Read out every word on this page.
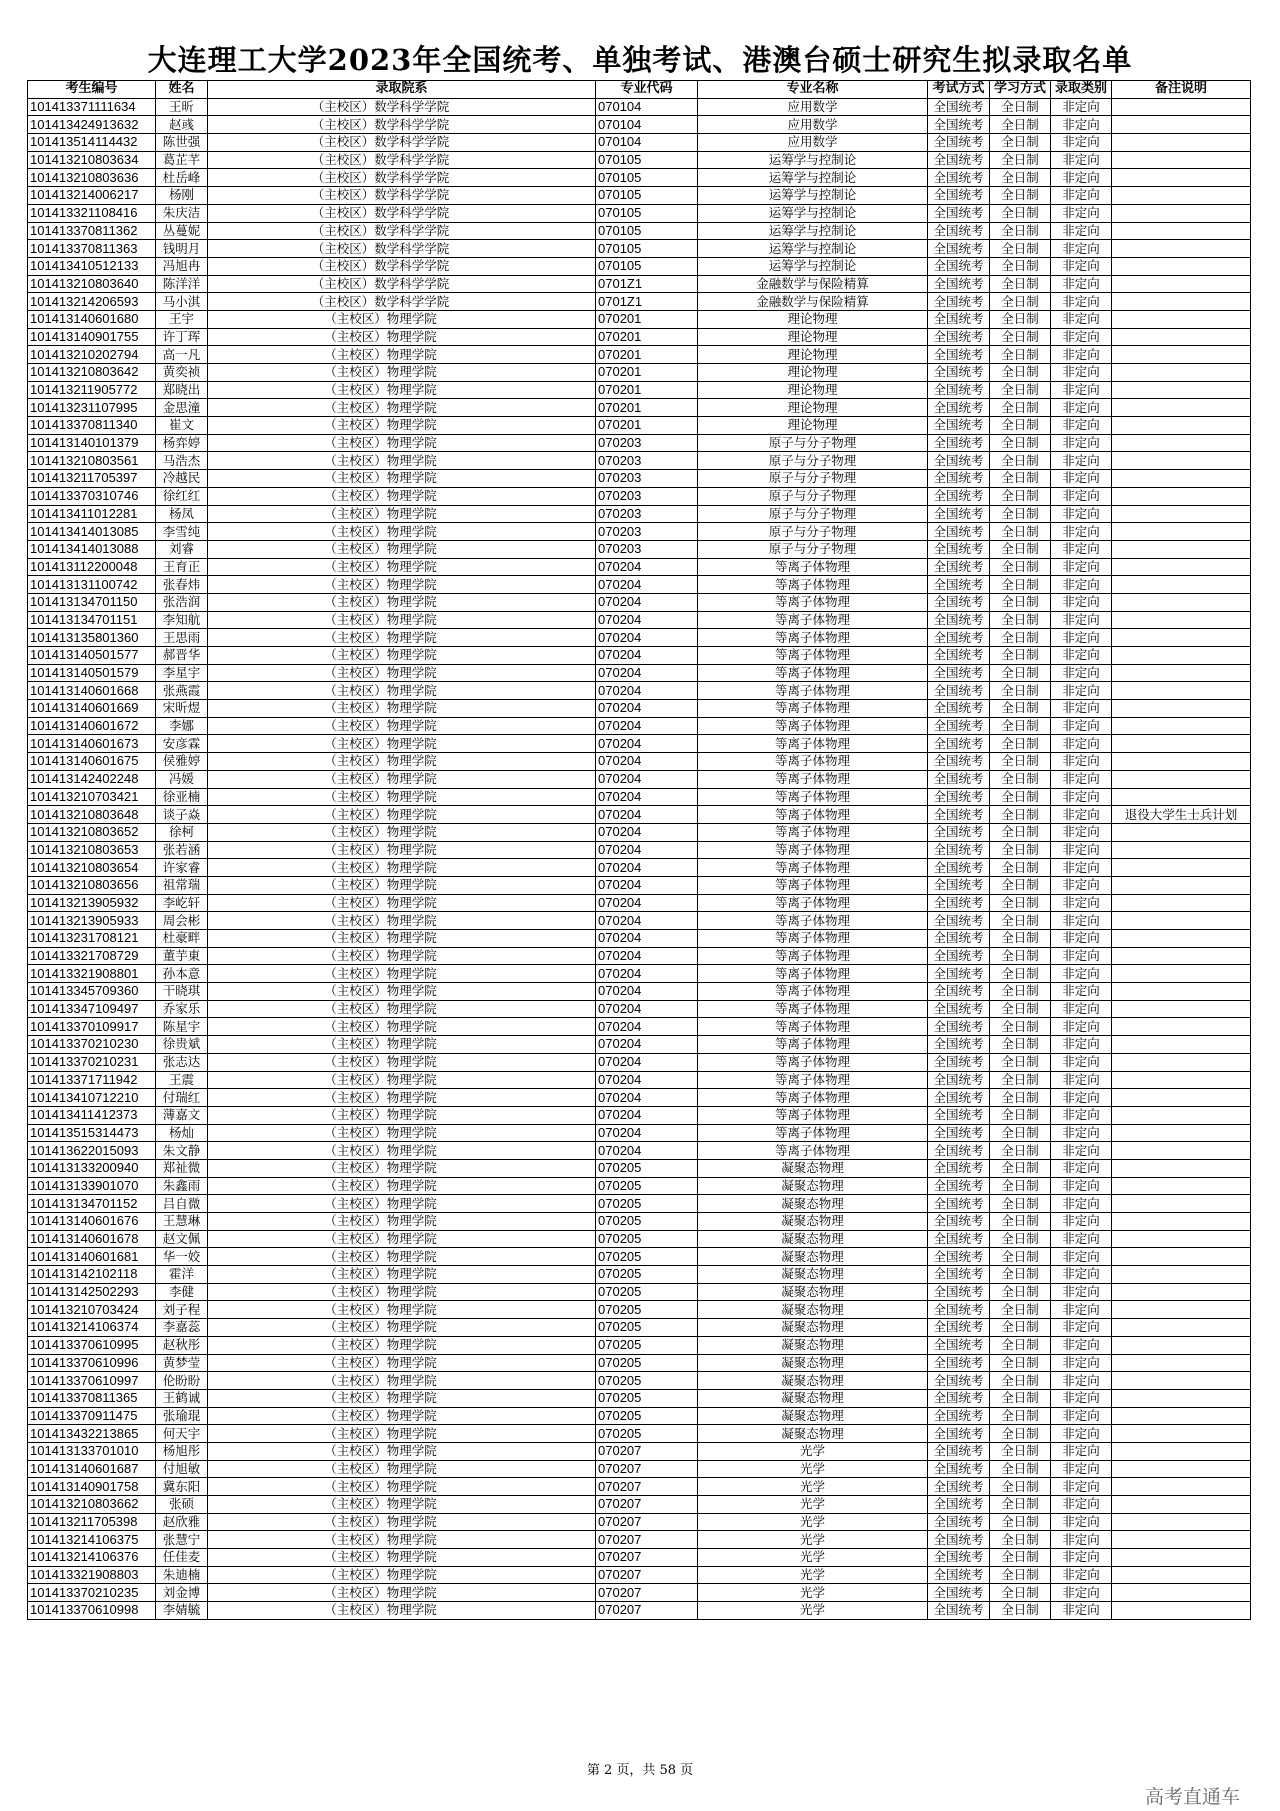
大连理工大学2023年全国统考、单独考试、港澳台硕士研究生拟录取名单
考生编号	姓名	录取院系	专业代码	专业名称	考试方式	学习方式	录取类别	备注说明
101413371111634	王昕	（主校区）数学科学学院	070104	应用数学	全国统考	全日制	非定向	
101413424913632	赵彧	（主校区）数学科学学院	070104	应用数学	全国统考	全日制	非定向	
101413514114432	陈世强	（主校区）数学科学学院	070104	应用数学	全国统考	全日制	非定向	
101413210803634	葛芷芊	（主校区）数学科学学院	070105	运筹学与控制论	全国统考	全日制	非定向	
101413210803636	杜岳峰	（主校区）数学科学学院	070105	运筹学与控制论	全国统考	全日制	非定向	
101413214006217	杨刚	（主校区）数学科学学院	070105	运筹学与控制论	全国统考	全日制	非定向	
101413321108416	朱庆洁	（主校区）数学科学学院	070105	运筹学与控制论	全国统考	全日制	非定向	
101413370811362	丛蔓妮	（主校区）数学科学学院	070105	运筹学与控制论	全国统考	全日制	非定向	
101413370811363	钱明月	（主校区）数学科学学院	070105	运筹学与控制论	全国统考	全日制	非定向	
101413410512133	冯旭冉	（主校区）数学科学学院	070105	运筹学与控制论	全国统考	全日制	非定向	
101413210803640	陈洋洋	（主校区）数学科学学院	0701Z1	金融数学与保险精算	全国统考	全日制	非定向	
101413214206593	马小淇	（主校区）数学科学学院	0701Z1	金融数学与保险精算	全国统考	全日制	非定向	
101413140601680	王宇	（主校区）物理学院	070201	理论物理	全国统考	全日制	非定向	
101413140901755	许丁珲	（主校区）物理学院	070201	理论物理	全国统考	全日制	非定向	
101413210202794	高一凡	（主校区）物理学院	070201	理论物理	全国统考	全日制	非定向	
101413210803642	黄奕祯	（主校区）物理学院	070201	理论物理	全国统考	全日制	非定向	
101413211905772	郑晓出	（主校区）物理学院	070201	理论物理	全国统考	全日制	非定向	
101413231107995	金思潼	（主校区）物理学院	070201	理论物理	全国统考	全日制	非定向	
101413370811340	崔文	（主校区）物理学院	070201	理论物理	全国统考	全日制	非定向	
101413140101379	杨弈婷	（主校区）物理学院	070203	原子与分子物理	全国统考	全日制	非定向	
101413210803561	马浩杰	（主校区）物理学院	070203	原子与分子物理	全国统考	全日制	非定向	
101413211705397	冷越民	（主校区）物理学院	070203	原子与分子物理	全国统考	全日制	非定向	
101413370310746	徐红红	（主校区）物理学院	070203	原子与分子物理	全国统考	全日制	非定向	
101413411012281	杨凤	（主校区）物理学院	070203	原子与分子物理	全国统考	全日制	非定向	
101413414013085	李雪纯	（主校区）物理学院	070203	原子与分子物理	全国统考	全日制	非定向	
101413414013088	刘睿	（主校区）物理学院	070203	原子与分子物理	全国统考	全日制	非定向	
101413112200048	王育正	（主校区）物理学院	070204	等离子体物理	全国统考	全日制	非定向	
101413131100742	张春炜	（主校区）物理学院	070204	等离子体物理	全国统考	全日制	非定向	
101413134701150	张浩润	（主校区）物理学院	070204	等离子体物理	全国统考	全日制	非定向	
101413134701151	李知航	（主校区）物理学院	070204	等离子体物理	全国统考	全日制	非定向	
101413135801360	王思雨	（主校区）物理学院	070204	等离子体物理	全国统考	全日制	非定向	
101413140501577	郝晋华	（主校区）物理学院	070204	等离子体物理	全国统考	全日制	非定向	
101413140501579	李星宇	（主校区）物理学院	070204	等离子体物理	全国统考	全日制	非定向	
101413140601668	张燕霞	（主校区）物理学院	070204	等离子体物理	全国统考	全日制	非定向	
101413140601669	宋昕煜	（主校区）物理学院	070204	等离子体物理	全国统考	全日制	非定向	
101413140601672	李娜	（主校区）物理学院	070204	等离子体物理	全国统考	全日制	非定向	
101413140601673	安彦霖	（主校区）物理学院	070204	等离子体物理	全国统考	全日制	非定向	
101413140601675	侯雅婷	（主校区）物理学院	070204	等离子体物理	全国统考	全日制	非定向	
101413142402248	冯媛	（主校区）物理学院	070204	等离子体物理	全国统考	全日制	非定向	
101413210703421	徐亚楠	（主校区）物理学院	070204	等离子体物理	全国统考	全日制	非定向	
101413210803648	谈子焱	（主校区）物理学院	070204	等离子体物理	全国统考	全日制	非定向	退役大学生士兵计划
101413210803652	徐柯	（主校区）物理学院	070204	等离子体物理	全国统考	全日制	非定向	
101413210803653	张若涵	（主校区）物理学院	070204	等离子体物理	全国统考	全日制	非定向	
101413210803654	许家睿	（主校区）物理学院	070204	等离子体物理	全国统考	全日制	非定向	
101413210803656	祖常瑞	（主校区）物理学院	070204	等离子体物理	全国统考	全日制	非定向	
101413213905932	李屹轩	（主校区）物理学院	070204	等离子体物理	全国统考	全日制	非定向	
101413213905933	周会彬	（主校区）物理学院	070204	等离子体物理	全国统考	全日制	非定向	
101413231708121	杜豪畔	（主校区）物理学院	070204	等离子体物理	全国统考	全日制	非定向	
101413321708729	董芋東	（主校区）物理学院	070204	等离子体物理	全国统考	全日制	非定向	
101413321908801	孙本意	（主校区）物理学院	070204	等离子体物理	全国统考	全日制	非定向	
101413345709360	干晓琪	（主校区）物理学院	070204	等离子体物理	全国统考	全日制	非定向	
101413347109497	乔家乐	（主校区）物理学院	070204	等离子体物理	全国统考	全日制	非定向	
101413370109917	陈星宇	（主校区）物理学院	070204	等离子体物理	全国统考	全日制	非定向	
101413370210230	徐贵斌	（主校区）物理学院	070204	等离子体物理	全国统考	全日制	非定向	
101413370210231	张志达	（主校区）物理学院	070204	等离子体物理	全国统考	全日制	非定向	
101413371711942	王震	（主校区）物理学院	070204	等离子体物理	全国统考	全日制	非定向	
101413410712210	付瑞红	（主校区）物理学院	070204	等离子体物理	全国统考	全日制	非定向	
101413411412373	薄嘉文	（主校区）物理学院	070204	等离子体物理	全国统考	全日制	非定向	
101413515314473	杨灿	（主校区）物理学院	070204	等离子体物理	全国统考	全日制	非定向	
101413622015093	朱文静	（主校区）物理学院	070204	等离子体物理	全国统考	全日制	非定向	
101413133200940	郑祉微	（主校区）物理学院	070205	凝聚态物理	全国统考	全日制	非定向	
101413133901070	朱鑫雨	（主校区）物理学院	070205	凝聚态物理	全国统考	全日制	非定向	
101413134701152	吕自微	（主校区）物理学院	070205	凝聚态物理	全国统考	全日制	非定向	
101413140601676	王慧琳	（主校区）物理学院	070205	凝聚态物理	全国统考	全日制	非定向	
101413140601678	赵文佩	（主校区）物理学院	070205	凝聚态物理	全国统考	全日制	非定向	
101413140601681	华一姣	（主校区）物理学院	070205	凝聚态物理	全国统考	全日制	非定向	
101413142102118	霍洋	（主校区）物理学院	070205	凝聚态物理	全国统考	全日制	非定向	
101413142502293	李健	（主校区）物理学院	070205	凝聚态物理	全国统考	全日制	非定向	
101413210703424	刘子程	（主校区）物理学院	070205	凝聚态物理	全国统考	全日制	非定向	
101413214106374	李嘉蕊	（主校区）物理学院	070205	凝聚态物理	全国统考	全日制	非定向	
101413370610995	赵秋彤	（主校区）物理学院	070205	凝聚态物理	全国统考	全日制	非定向	
101413370610996	黄梦莹	（主校区）物理学院	070205	凝聚态物理	全国统考	全日制	非定向	
101413370610997	伦盼盼	（主校区）物理学院	070205	凝聚态物理	全国统考	全日制	非定向	
101413370811365	王鹤诚	（主校区）物理学院	070205	凝聚态物理	全国统考	全日制	非定向	
101413370911475	张瑜琨	（主校区）物理学院	070205	凝聚态物理	全国统考	全日制	非定向	
101413432213865	何天宇	（主校区）物理学院	070205	凝聚态物理	全国统考	全日制	非定向	
101413133701010	杨旭彤	（主校区）物理学院	070207	光学	全国统考	全日制	非定向	
101413140601687	付旭敏	（主校区）物理学院	070207	光学	全国统考	全日制	非定向	
101413140901758	冀东阳	（主校区）物理学院	070207	光学	全国统考	全日制	非定向	
101413210803662	张硕	（主校区）物理学院	070207	光学	全国统考	全日制	非定向	
101413211705398	赵欣雅	（主校区）物理学院	070207	光学	全国统考	全日制	非定向	
101413214106375	张慧宁	（主校区）物理学院	070207	光学	全国统考	全日制	非定向	
101413214106376	任佳麦	（主校区）物理学院	070207	光学	全国统考	全日制	非定向	
101413321908803	朱迪楠	（主校区）物理学院	070207	光学	全国统考	全日制	非定向	
101413370210235	刘金博	（主校区）物理学院	070207	光学	全国统考	全日制	非定向	
101413370610998	李婧毓	（主校区）物理学院	070207	光学	全国统考	全日制	非定向	
第 2 页，共 58 页
高考直通车
